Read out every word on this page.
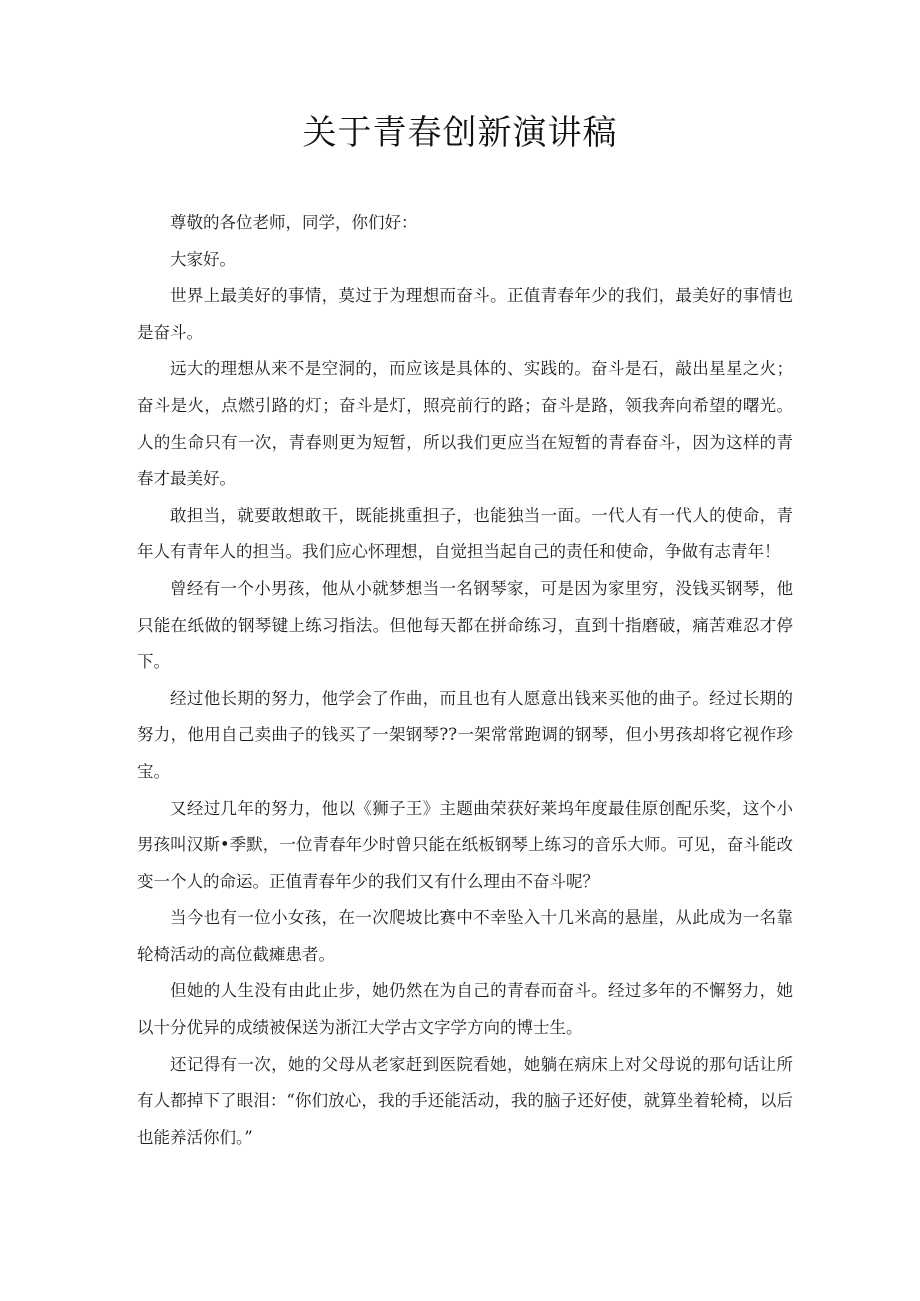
关于青春创新演讲稿

尊敬的各位老师，同学，你们好：

大家好。

世界上最美好的事情，莫过于为理想而奋斗。正值青春年少的我们，最美好的事情也是奋斗。

远大的理想从来不是空洞的，而应该是具体的、实践的。奋斗是石，敲出星星之火；奋斗是火，点燃引路的灯；奋斗是灯，照亮前行的路；奋斗是路，领我奔向希望的曙光。人的生命只有一次，青春则更为短暂，所以我们更应当在短暂的青春奋斗，因为这样的青春才最美好。

敢担当，就要敢想敢干，既能挑重担子，也能独当一面。一代人有一代人的使命，青年人有青年人的担当。我们应心怀理想，自觉担当起自己的责任和使命，争做有志青年！

曾经有一个小男孩，他从小就梦想当一名钢琴家，可是因为家里穷，没钱买钢琴，他只能在纸做的钢琴键上练习指法。但他每天都在拼命练习，直到十指磨破，痛苦难忍才停下。

经过他长期的努力，他学会了作曲，而且也有人愿意出钱来买他的曲子。经过长期的努力，他用自己卖曲子的钱买了一架钢琴??一架常常跑调的钢琴，但小男孩却将它视作珍宝。

又经过几年的努力，他以《狮子王》主题曲荣获好莱坞年度最佳原创配乐奖，这个小男孩叫汉斯•季默，一位青春年少时曾只能在纸板钢琴上练习的音乐大师。可见，奋斗能改变一个人的命运。正值青春年少的我们又有什么理由不奋斗呢？

当今也有一位小女孩，在一次爬坡比赛中不幸坠入十几米高的悬崖，从此成为一名靠轮椅活动的高位截瘫患者。

但她的人生没有由此止步，她仍然在为自己的青春而奋斗。经过多年的不懈努力，她以十分优异的成绩被保送为浙江大学古文字学方向的博士生。

还记得有一次，她的父母从老家赶到医院看她，她躺在病床上对父母说的那句话让所有人都掉下了眼泪：“你们放心，我的手还能活动，我的脑子还好使，就算坐着轮椅，以后也能养活你们。”
